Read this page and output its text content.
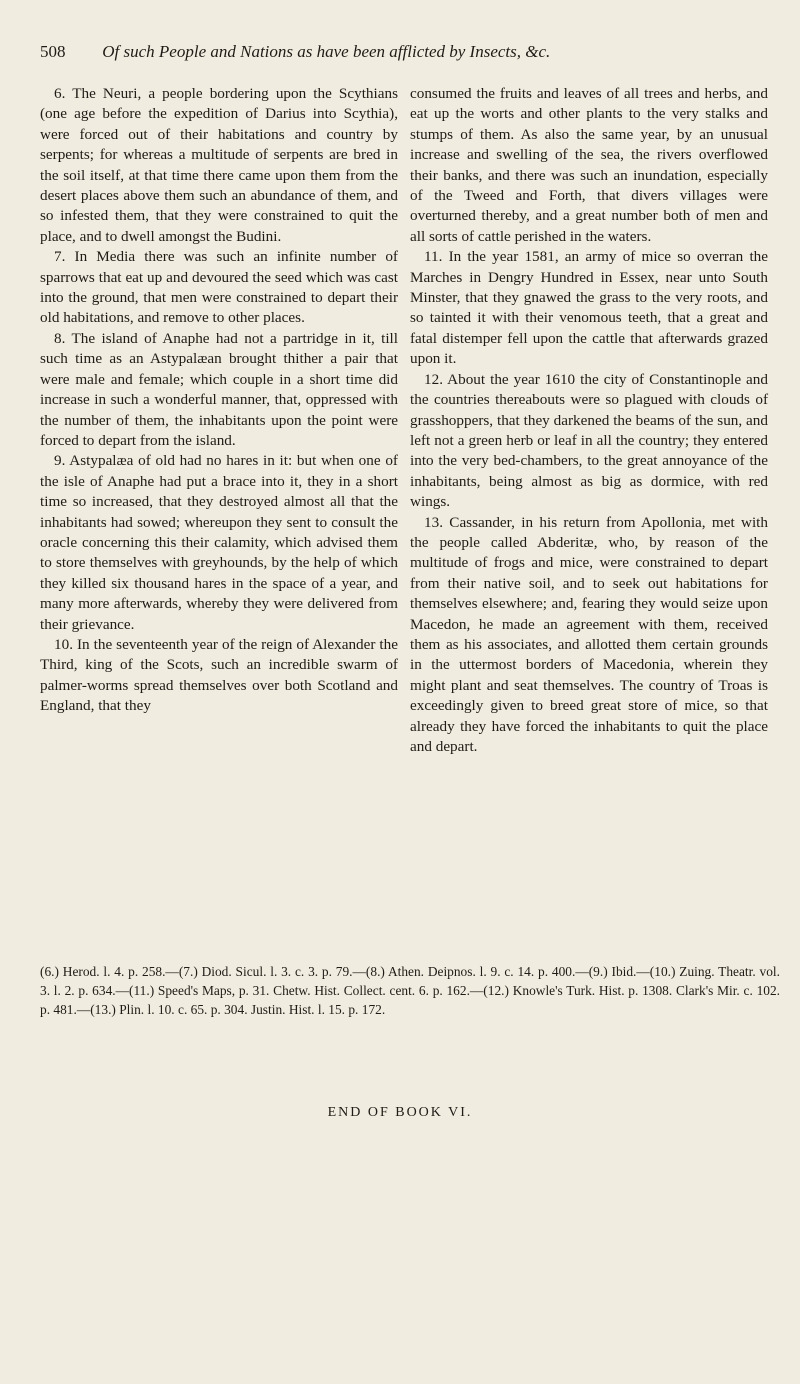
508 Of such People and Nations as have been afflicted by Insects, &c.

6. The Neuri, a people bordering upon the Scythians (one age before the expedition of Darius into Scythia), were forced out of their habitations and country by serpents; for whereas a multitude of serpents are bred in the soil itself, at that time there came upon them from the desert places above them such an abundance of them, and so infested them, that they were constrained to quit the place, and to dwell amongst the Budini.

7. In Media there was such an infinite number of sparrows that eat up and devoured the seed which was cast into the ground, that men were constrained to depart their old habitations, and remove to other places.

8. The island of Anaphe had not a partridge in it, till such time as an Astypalæan brought thither a pair that were male and female; which couple in a short time did increase in such a wonderful manner, that, oppressed with the number of them, the inhabitants upon the point were forced to depart from the island.

9. Astypalæa of old had no hares in it: but when one of the isle of Anaphe had put a brace into it, they in a short time so increased, that they destroyed almost all that the inhabitants had sowed; whereupon they sent to consult the oracle concerning this their calamity, which advised them to store themselves with greyhounds, by the help of which they killed six thousand hares in the space of a year, and many more afterwards, whereby they were delivered from their grievance.

10. In the seventeenth year of the reign of Alexander the Third, king of the Scots, such an incredible swarm of palmer-worms spread themselves over both Scotland and England, that they

consumed the fruits and leaves of all trees and herbs, and eat up the worts and other plants to the very stalks and stumps of them. As also the same year, by an unusual increase and swelling of the sea, the rivers overflowed their banks, and there was such an inundation, especially of the Tweed and Forth, that divers villages were overturned thereby, and a great number both of men and all sorts of cattle perished in the waters.

11. In the year 1581, an army of mice so overran the Marches in Dengry Hundred in Essex, near unto South Minster, that they gnawed the grass to the very roots, and so tainted it with their venomous teeth, that a great and fatal distemper fell upon the cattle that afterwards grazed upon it.

12. About the year 1610 the city of Constantinople and the countries thereabouts were so plagued with clouds of grasshoppers, that they darkened the beams of the sun, and left not a green herb or leaf in all the country; they entered into the very bed-chambers, to the great annoyance of the inhabitants, being almost as big as dormice, with red wings.

13. Cassander, in his return from Apollonia, met with the people called Abderitæ, who, by reason of the multitude of frogs and mice, were constrained to depart from their native soil, and to seek out habitations for themselves elsewhere; and, fearing they would seize upon Macedon, he made an agreement with them, received them as his associates, and allotted them certain grounds in the uttermost borders of Macedonia, wherein they might plant and seat themselves. The country of Troas is exceedingly given to breed great store of mice, so that already they have forced the inhabitants to quit the place and depart.

(6.) Herod. l. 4. p. 258.—(7.) Diod. Sicul. l. 3. c. 3. p. 79.—(8.) Athen. Deipnos. l. 9. c. 14. p. 400.—(9.) Ibid.—(10.) Zuing. Theatr. vol. 3. l. 2. p. 634.—(11.) Speed's Maps, p. 31. Chetw. Hist. Collect. cent. 6. p. 162.—(12.) Knowle's Turk. Hist. p. 1308. Clark's Mir. c. 102. p. 481.—(13.) Plin. l. 10. c. 65. p. 304. Justin. Hist. l. 15. p. 172.
END OF BOOK VI.
